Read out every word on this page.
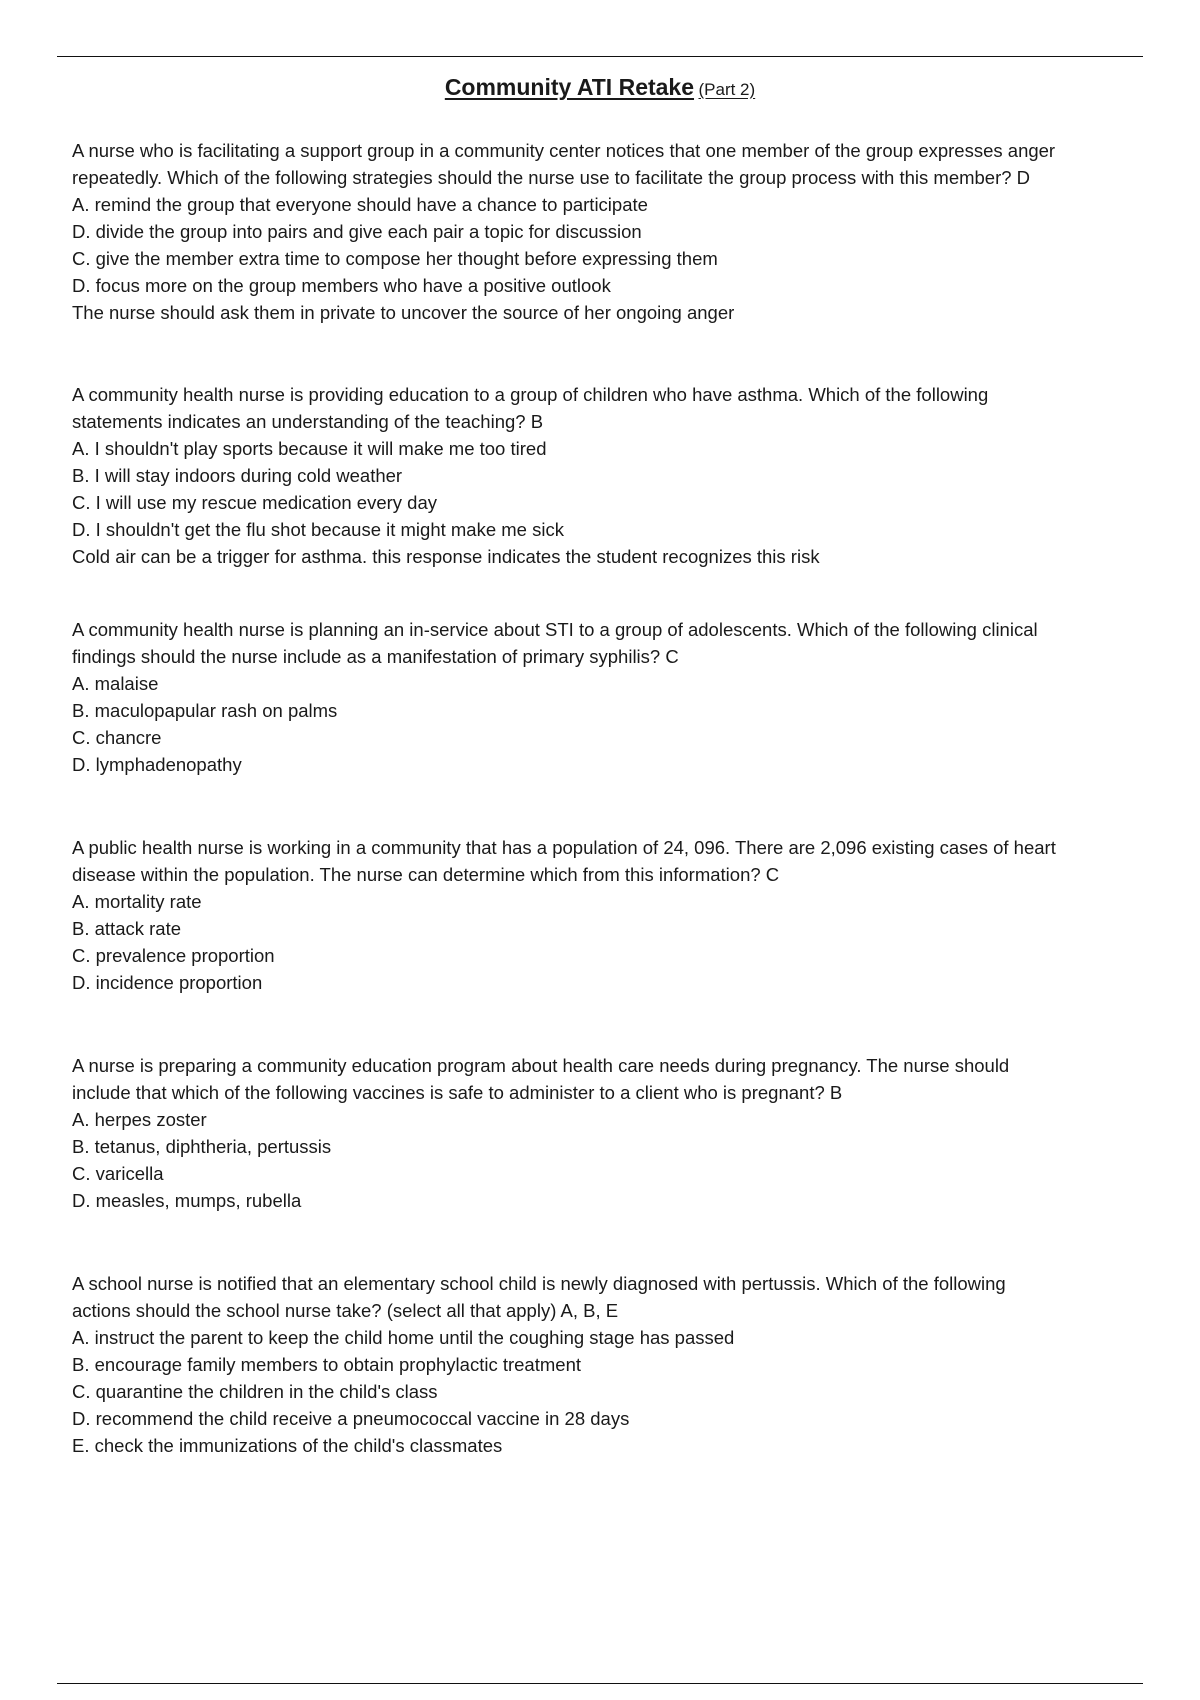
Community ATI Retake (Part 2)
A nurse who is facilitating a support group in a community center notices that one member of the group expresses anger
repeatedly. Which of the following strategies should the nurse use to facilitate the group process with this member? D
A. remind the group that everyone should have a chance to participate
D. divide the group into pairs and give each pair a topic for discussion
C. give the member extra time to compose her thought before expressing them
D. focus more on the group members who have a positive outlook
The nurse should ask them in private to uncover the source of her ongoing anger
A community health nurse is providing education to a group of children who have asthma. Which of the following
statements indicates an understanding of the teaching? B
A. I shouldn't play sports because it will make me too tired
B. I will stay indoors during cold weather
C. I will use my rescue medication every day
D. I shouldn't get the flu shot because it might make me sick
Cold air can be a trigger for asthma. this response indicates the student recognizes this risk
A community health nurse is planning an in-service about STI to a group of adolescents. Which of the following clinical
findings should the nurse include as a manifestation of primary syphilis? C
A. malaise
B. maculopapular rash on palms
C. chancre
D. lymphadenopathy
A public health nurse is working in a community that has a population of 24, 096. There are 2,096 existing cases of heart
disease within the population. The nurse can determine which from this information? C
A. mortality rate
B. attack rate
C. prevalence proportion
D. incidence proportion
A nurse is preparing a community education program about health care needs during pregnancy. The nurse should
include that which of the following vaccines is safe to administer to a client who is pregnant? B
A. herpes zoster
B. tetanus, diphtheria, pertussis
C. varicella
D. measles, mumps, rubella
A school nurse is notified that an elementary school child is newly diagnosed with pertussis. Which of the following
actions should the school nurse take? (select all that apply) A, B, E
A. instruct the parent to keep the child home until the coughing stage has passed
B. encourage family members to obtain prophylactic treatment
C. quarantine the children in the child's class
D. recommend the child receive a pneumococcal vaccine in 28 days
E. check the immunizations of the child's classmates
